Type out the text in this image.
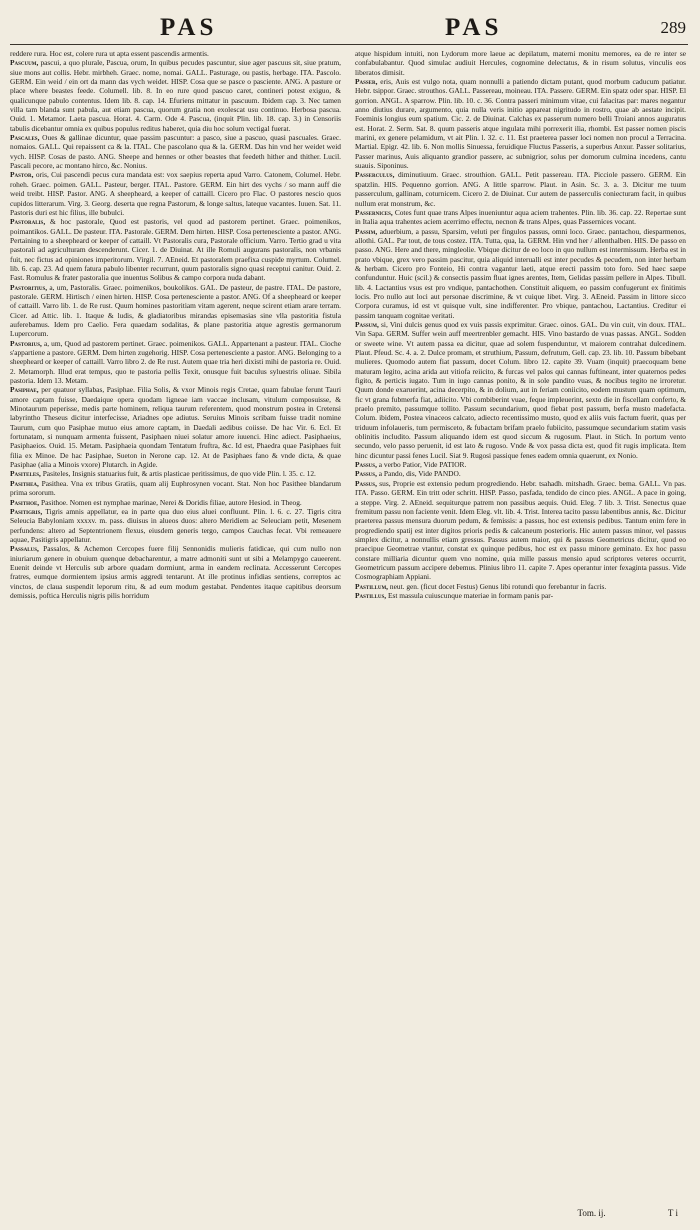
PAS	PAS	289

reddere rura. Hoc est, colere rura ut apta essent pascendis armentis.

Pascuum, pascui, a quo plurale, Pascua, orum, In quibus pecudes pascuntur, siue ager pascuus sit, siue pratum, siue mons aut collis. Hebr. mirbheh. Graec. nome, nomai. GALL. Pasturage, ou pastis, herbage. ITA. Pascolo. GERM. Ein weid / ein ort da mann das vych weidet. HISP. Cosa que se pasce o pasciente. ANG. A pasture or place where beastes feede. Columell. lib. 8. In eo rure quod pascuo caret, contineri potest exiguo, & qualicunque pabulo contentus. Idem lib. 8. cap. 14. Efuriens mittatur in pascuum. Ibidem cap. 3. Nec tamen villa tam blanda sunt pabula, aut etiam pascua, quorum gratia non exolescat usu continuo. Herbosa pascua. Ouid. 1. Metamor. Laeta pascua. Horat. 4. Carm. Ode 4. Pascua, (inquit Plin. lib. 18. cap. 3.) in Censoriis tabulis dicebantur omnia ex quibus populus reditus haberet, quia diu hoc solum vectigal fuerat.

Pascales, Oues & gallinae dicuntur, quae passim pascuntur: a pasco, siue a pascuo, quasi pascuales. Graec. nomaios. GALL. Qui repaissent ca & la. ITAL. Che pascolano qua & la. GERM. Das hin vnd her weidet weid vych. HISP. Cosas de pasto. ANG. Sheepe and hennes or other beastes that feedeth hither and thither. Lucil. Pascali pecore, ac montano hirco, &c. Nonius.

Pastor, oris, Cui pascendi pecus cura mandata est: vox saepius reperta apud Varro. Catonem, Columel. Hebr. roheh. Graec. poimen. GALL. Pasteur, berger. ITAL. Pastore. GERM. Ein hirt des vychs / so mann auff die weid treibt. HISP. Pastor. ANG. A sheepheard, a keeper of cattaill. Cicero pro Flac. O pastores nescio quos cupidos litterarum. Virg. 3. Georg. deserta que regna Pastorum, & longe saltus, lateque vacantes. Iuuen. Sat. 11. Pastoris duri est hic filius, ille bubulci.

Pastoralis, & hoc pastorale, Quod est pastoris, vel quod ad pastorem pertinet. Graec. poimenikos, poimantikos. GALL. De pasteur. ITA. Pastorale. GERM. Dem hirten. HISP. Cosa pertenesciente a pastor. ANG. Pertaining to a sheepheard or keeper of cattaill. Vt Pastoralis cura, Pastorale officium. Varro. Tertio grad u vita pastorali ad agriculturam descenderunt. Cicer. 1. de Diuinat. At ille Romuli augurans pastoralis, non vrbanis fuit, nec fictus ad opiniones imperitorum. Virgil. 7. AEneid. Et pastoralem praefixa cuspide myrtum. Columel. lib. 6. cap. 23. Ad quem fatura pabulo libenter recurrunt, quum pastoralis signo quasi receptui canitur. Ouid. 2. Fast. Romulus & frater pastoralia que inuentus Solibus & campo corpora nuda dabant.

Pastoritius, a, um, Pastoralis. Graec. poimenikos, boukolikos. GAL. De pasteur, de pastre. ITAL. De pastore, pastorale. GERM. Hirtisch / einen hirten. HISP. Cosa pertenesciente a pastor. ANG. Of a sheepheard or keeper of cattaill. Varro lib. 1. de Re rust. Quum homines pastoritiam vitam agerent, neque scirent etiam arare terram. Cicer. ad Attic. lib. 1. Itaque & ludis, & gladiatoribus mirandas episemasias sine vlla pastoritia fistula auferebamus. Idem pro Caelio. Fera quaedam sodalitas, & plane pastoritia atque agrestis germanorum Lupercorum.

Pastorius, a, um, Quod ad pastorem pertinet. Graec. poimenikos. GALL. Appartenant a pasteur. ITAL. Cioche s'appartiene a pastore. GERM. Dem hirten zugehorig. HISP. Cosa pertenesciente a pastor. ANG. Belonging to a sheepheard or keeper of cattaill. Varro libro 2. de Re rust. Autem quae tria heri dixisti mihi de pastoria re. Ouid. 2. Metamorph. Illud erat tempus, quo te pastoria pellis Texit, onusque fuit baculus syluestris oliuae. Sibila pastoria. Idem 13. Metam.

Pasiphae, per quatuor syllabas, Pasiphae. Filia Solis, & vxor Minois regis Cretae, quam fabulae ferunt Tauri amore captam fuisse, Daedaique opera quodam ligneae iam vaccae inclusam, vitulum composuisse, & Minotaurum peperisse, medis parte hominem, reliqua taurum referentem, quod monstrum postea in Cretensi labyrintho Theseus dicitur interfecisse, Ariadnes ope adiutus. Seruius Minois scribam fuisse tradit nomine Taurum, cum quo Pasiphae mutuo eius amore captam, in Daedali aedibus coiisse. De hac Vir. 6. Ecl. Et fortunatam, si nunquam armenta fuissent, Pasiphaen niuei solatur amore iuuenci. Hinc adiect. Pasiphaeius, Pasiphaeios. Ouid. 15. Metam. Pasiphaeia quondam Tentatum fruftra, &c. Id est, Phaedra quae Pasiphaes fuit filia ex Minoe. De hac Pasiphae, Sueton in Nerone cap. 12. At de Pasiphaes fano & vnde dicta, & quae Pasiphae (alia a Minois vxore) Plutarch. in Agide.

Pasiteles, Pasiteles, Insignis statuarius fuit, & artis plasticae peritissimus, de quo vide Plin. l. 35. c. 12.

Pasithea, Pasithea. Vna ex tribus Gratiis, quam alij Euphrosynen vocant. Stat. Non hoc Pasithee blandarum prima sororum.

Pasithoe, Pasithoe. Nomen est nymphae marinae, Nerei & Doridis filiae, autore Hesiod. in Theog.

Pasitigris, Tigris amnis appellatur, ea in parte qua duo eius aluei confluunt. Plin. l. 6. c. 27. Tigris citra Seleucia Babyloniam xxxxv. m. pass. diuisus in alueos duos: altero Meridiem ac Seleuciam petit, Mesenem perfundens: altero ad Septentrionem flexus, eiusdem generis tergo, campos Cauchas fecat. Vbi remeauere aquae, Pasitigris appellatur.

Passalus, Passalos, & Achemon Cercopes fuere filij Sennonidis mulieris fatidicae, qui cum nullo non iniuriarum genere in obuium quenque debacharentur, a matre admoniti sunt ut sibi a Melampygo caueerent. Euenit deinde vt Herculis sub arbore quadam dormiunt, arma in eandem reclinata. Accesserunt Cercopes fratres, eumque dormientem ipsius armis aggredi tentarunt. At ille protinus infidias sentiens, correptos ac vinctos, de claua suspendit leporum ritu, & ad eum modum gestabat. Pendentes itaque capitibus deorsum demissis, poftica Herculis nigris pilis horridum

atque hispidum intuiti, non Lydorum more laeue ac depilatum, materni monitu memores, ea de re inter se confabulabantur. Quod simulac audiuit Hercules, cognomine delectatus, & in risum solutus, vinculis eos liberatos dimisit.

Passer, eris, Auis est vulgo nota, quam nonnulli a patiendo dictam putant, quod morbum caducum patiatur. Hebr. tsippor. Graec. strouthos. GALL. Passereau, moineau. ITA. Passere. GERM. Ein spatz oder spar. HISP. El gorrion. ANGL. A sparrow. Plin. lib. 10. c. 36. Contra passeri minimum vitae, cui falacitas par: mares negantur anno diutius durare, argumento, quia nulla veris initio appareat nigritudo in rostro, quae ab aestate incipit. Foeminis longius eum spatium. Cic. 2. de Diuinat. Calchas ex passerum numero belli Troiani annos auguratus est. Horat. 2. Serm. Sat. 8. quum passeris atque ingulata mihi porrexerit ilia, rhombi. Est passer nomen piscis marini, ex genere pelamidum, vt ait Plin. l. 32. c. 11. Est praeterea passer loci nomen non procul a Terracina. Martial. Epigr. 42. lib. 6. Non mollis Sinuessa, feruidique Fluctus Passeris, a superbus Anxur. Passer solitarius, Passer marinus, Auis aliquanto grandior passere, ac subnigrior, solus per domorum culmina incedens, cantu suauis. Siponinus.

Passerculus, diminutiuum. Graec. strouthion. GALL. Petit passereau. ITA. Picciole passero. GERM. Ein spatzlin. HIS. Pequenno gorrion. ANG. A little sparrow. Plaut. in Asin. Sc. 3. a. 3. Dicitur me tuum passerculum, gallinam, coturnicem. Cicero 2. de Diuinat. Cur autem de passerculis coniecturam facit, in quibus nullum erat monstrum, &c.

Passernices, Cotes funt quae trans Alpes inueniuntur aqua aciem trahentes. Plin. lib. 36. cap. 22. Repertae sunt in Italia aqua trahentes aciem acerrimo effectu, necnon & trans Alpes, quas Passernices vocant.

Passim, aduerbium, a passu, Sparsim, veluti per fingulos passus, omni loco. Graec. pantachou, diesparmenos, allothi. GAL. Par tout, de tous costez. ITA. Tutta, qua, la. GERM. Hin vnd her / allenthalben. HIS. De passo en passo. ANG. Here and there, mingleolie. Vbique dicitur de eo loco in quo nullum est intermissum. Herba est in prato vbique, grex vero passim pascitur, quia aliquid interualli est inter pecudes & pecudem, non inter herbam & herbam. Cicero pro Fonteio, Hi contra vagantur laeti, atque erecti passim toto foro. Sed haec saepe confunduntur. Huic (scil.) & consectis passim fluat ignes arentes, Item, Gelidas passim pellere in Alpes. Tibull. lib. 4. Lactantius vsus est pro vndique, pantachothen. Constituit aliquem, eo passim confugerunt ex finitimis locis. Pro nullo aut loci aut personae discrimine, & vt cuique libet. Virg. 3. AEneid. Passim in littore sicco Corpora curamus, id est vt quisque vult, sine indifferenter. Pro vbique, pantachou, Lactantius. Creditur ei passim tanquam cognitae veritati.

Passum, si, Vini dulcis genus quod ex vuis passis exprimitur. Graec. oinos. GAL. Du vin cuit, vin doux. ITAL. Vin Sapa. GERM. Suffer wein auff meertrenbler gemacht. HIS. Vino bastardo de vuas passas. ANGL. Sodden or sweete wine. Vt autem passa ea dicitur, quae ad solem fuspenduntur, vt maiorem contrahat dulcedinem. Plaut. Pfeud. Sc. 4. a. 2. Dulce promam, et struthium, Passum, defrutum, Gell. cap. 23. lib. 10. Passum bibebant mulieres. Quomodo autem fiat passum, docet Colum. libro 12. capite 39. Vuam (inquit) praecoquam bene maturam legito, acina arida aut vitiofa reiicito, & furcas vel palos qui cannas fuftineant, inter quaternos pedes figito, & perticis iugato. Tum in iugo cannas ponito, & in sole pandito vuas, & nocibus tegito ne irroretur. Quum donde exaruerint, acina decerpito, & in dolium, aut in feriam coniicito, eodem mustum quam optimum, fic vt grana fubmerfa fiat, adiicito. Vbi combiberint vuae, feque impleuerint, sexto die in fiscellam conferto, & praelo premito, passumque tollito. Passum secundarium, quod fiebat post passum, berfa musto madefacta. Colum. ibidem, Postea vinaceos calcato, adiecto recentissimo musto, quod ex aliis vuis factum fuerit, quas per triduum infolaueris, tum permisceto, & fubactam brifam praelo fubiicito, passumque secundarium statim vasis oblinitis includito. Passum aliquando idem est quod siccum & rugosum. Plaut. in Stich. In portum vento secundo, velo passo peruenit, id est lato & rugoso. Vnde & vox passa dicta est, quod fit rugis implicata. Item hinc dicuntur passi fenes Lucil. Siat 9. Rugosi passique fenes eadem omnia quaerunt, ex Nonio.

Passus, a verbo Patior, Vide PATIOR.

Passus, a Pando, dis, Vide PANDO.

Passus, sus, Proprie est extensio pedum progrediendo. Hebr. tsahadh. mitshadh. Graec. bema. GALL. Vn pas. ITA. Passo. GERM. Ein tritt oder schritt. HISP. Passo, pasfada, tendido de cinco pies. ANGL. A pace in going, a steppe. Virg. 2. AEneid. sequiturque patrem non passibus aequis. Ouid. Eleg. 7 lib. 3. Trist. Senectus quae fremitum passu non faciente venit. Idem Eleg. vlt. lib. 4. Trist. Interea tacito passu labentibus annis, &c. Dicitur praeterea passus mensura duorum pedum, & femissis: a passus, hoc est extensis pedibus. Tantum enim fere in progrediendo spatij est inter digitos prioris pedis & calcaneum posterioris. Hic autem passus minor, vel passus simplex dicitur, a nonnullis etiam gressus. Passus autem maior, qui & passus Geometricus dicitur, quod eo praecipue Geometrae vtantur, constat ex quinque pedibus, hoc est ex passu minore geminato. Ex hoc passu constare milliaria dicuntur quem vno nomine, quia mille passus mensio apud scriptores veteres occurrit, Geometricum passum accipere debemus. Plinius libro 11. capite 7. Apes operantur inter fexaginta passus. Vide Cosmographiam Appiani.

Pastillum, neut. gen. (ficut docet Festus) Genus libi rotundi quo ferebantur in facris.

Pastillus, Est massula cuiuscunque materiae in formam panis par-

Tom. ij.	T i
